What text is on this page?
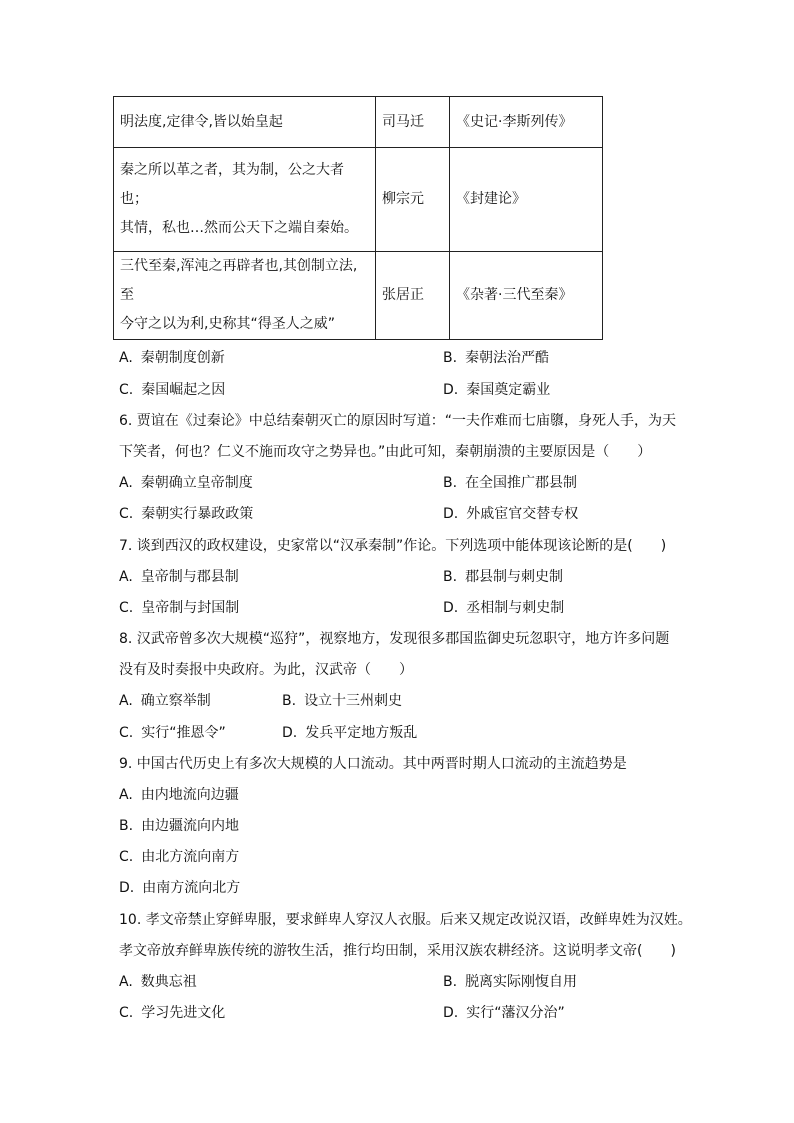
明法度,定律令,皆以始皇起	司马迁	《史记·李斯列传》

秦之所以革之者，其为制，公之大者也；
其情，私也…然而公天下之端自秦始。	柳宗元	《封建论》

三代至秦,浑沌之再辟者也,其创制立法,至
今守之以为利,史称其“得圣人之威”	张居正	《杂著·三代至秦》
A. 秦朝制度创新	B. 秦朝法治严酷
C. 秦国崛起之因	D. 秦国奠定霸业
6. 贾谊在《过秦论》中总结秦朝灭亡的原因时写道：“一夫作难而七庙隳，身死人手，为天
下笑者，何也？仁义不施而攻守之势异也。”由此可知，秦朝崩溃的主要原因是（　　）
A. 秦朝确立皇帝制度	B. 在全国推广郡县制
C. 秦朝实行暴政政策	D. 外戚宦官交替专权
7. 谈到西汉的政权建设，史家常以“汉承秦制”作论。下列选项中能体现该论断的是(　　)
A. 皇帝制与郡县制	B. 郡县制与刺史制
C. 皇帝制与封国制	D. 丞相制与刺史制
8. 汉武帝曾多次大规模“巡狩”，视察地方，发现很多郡国监御史玩忽职守，地方许多问题
没有及时奏报中央政府。为此，汉武帝（　　）
A. 确立察举制	B. 设立十三州刺史
C. 实行“推恩令”	D. 发兵平定地方叛乱
9. 中国古代历史上有多次大规模的人口流动。其中两晋时期人口流动的主流趋势是
A. 由内地流向边疆
B. 由边疆流向内地
C. 由北方流向南方
D. 由南方流向北方
10. 孝文帝禁止穿鲜卑服，要求鲜卑人穿汉人衣服。后来又规定改说汉语，改鲜卑姓为汉姓。
孝文帝放弃鲜卑族传统的游牧生活，推行均田制，采用汉族农耕经济。这说明孝文帝(　　)
A. 数典忘祖	B. 脱离实际刚愎自用
C. 学习先进文化	D. 实行“藩汉分治”
